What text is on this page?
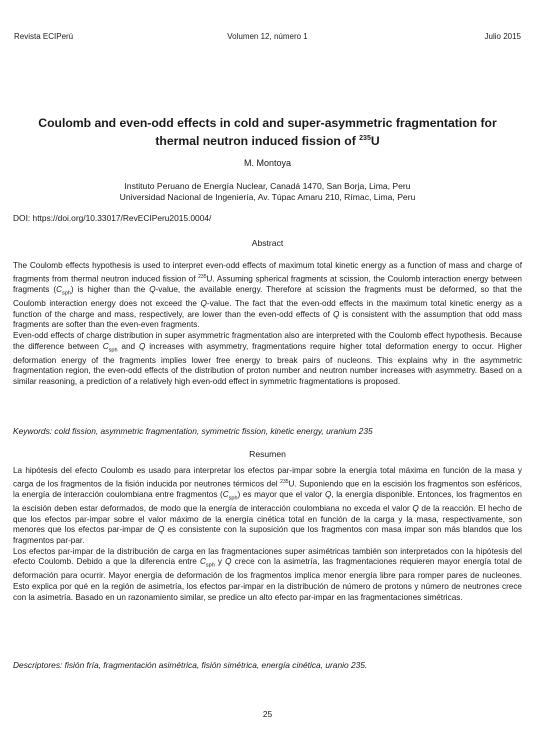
Revista ECIPerú	Volumen 12, número 1	Julio 2015
Coulomb and even-odd effects in cold and super-asymmetric fragmentation for thermal neutron induced fission of $^{235}$U
M. Montoya
Instituto Peruano de Energía Nuclear, Canadá 1470, San Borja, Lima, Peru
Universidad Nacional de Ingeniería, Av. Túpac Amaru 210, Rímac, Lima, Peru
DOI: https://doi.org/10.33017/RevECIPeru2015.0004/
Abstract

The Coulomb effects hypothesis is used to interpret even-odd effects of maximum total kinetic energy as a function of mass and charge of fragments from thermal neutron induced fission of $^{235}$U. Assuming spherical fragments at scission, the Coulomb interaction energy between fragments $(C_{sph})$ is higher than the Q-value, the available energy. Therefore at scission the fragments must be deformed, so that the Coulomb interaction energy does not exceed the Q-value. The fact that the even-odd effects in the maximum total kinetic energy as a function of the charge and mass, respectively, are lower than the even-odd effects of Q is consistent with the assumption that odd mass fragments are softer than the even-even fragments.

Even-odd effects of charge distribution in super asymmetric fragmentation also are interpreted with the Coulomb effect hypothesis. Because the difference between $C_{sph}$ and Q increases with asymmetry, fragmentations require higher total deformation energy to occur. Higher deformation energy of the fragments implies lower free energy to break pairs of nucleons. This explains why in the asymmetric fragmentation region, the even-odd effects of the distribution of proton number and neutron number increases with asymmetry. Based on a similar reasoning, a prediction of a relatively high even-odd effect in symmetric fragmentations is proposed.

Keywords: cold fission, asymmetric fragmentation, symmetric fission, kinetic energy, uranium 235
Resumen

La hipótesis del efecto Coulomb es usado para interpretar los efectos par-impar sobre la energía total máxima en función de la masa y carga de los fragmentos de la fisión inducida por neutrones térmicos del $^{235}$U. Suponiendo que en la escisión los fragmentos son esféricos, la energía de interacción coulombiana entre fragmentos $(C_{sph})$ es mayor que el valor Q, la energía disponible. Entonces, los fragmentos en la escisión deben estar deformados, de modo que la energía de interacción coulombiana no exceda el valor Q de la reacción. El hecho de que los efectos par-impar sobre el valor máximo de la energía cinética total en función de la carga y la masa, respectivamente, son menores que los efectos par-impar de Q es consistente con la suposición que los fragmentos con masa impar son más blandos que los fragmentos par-par.

Los efectos par-impar de la distribución de carga en las fragmentaciones super asimétricas también son interpretados con la hipótesis del efecto Coulomb. Debido a que la diferencia entre $C_{sph}$ y Q crece con la asimetría, las fragmentaciones requieren mayor energía total de deformación para ocurrir. Mayor energía de deformación de los fragmentos implica menor energía libre para romper pares de nucleones. Esto explica por qué en la región de asimetría, los efectos par-impar en la distribución de número de protons y número de neutrones crece con la asimetría. Basado en un razonamiento similar, se predice un alto efecto par-impar en las fragmentaciones simétricas.

Descriptores: fisión fría, fragmentación asimétrica, fisión simétrica, energía cinética, uranio 235.
25
